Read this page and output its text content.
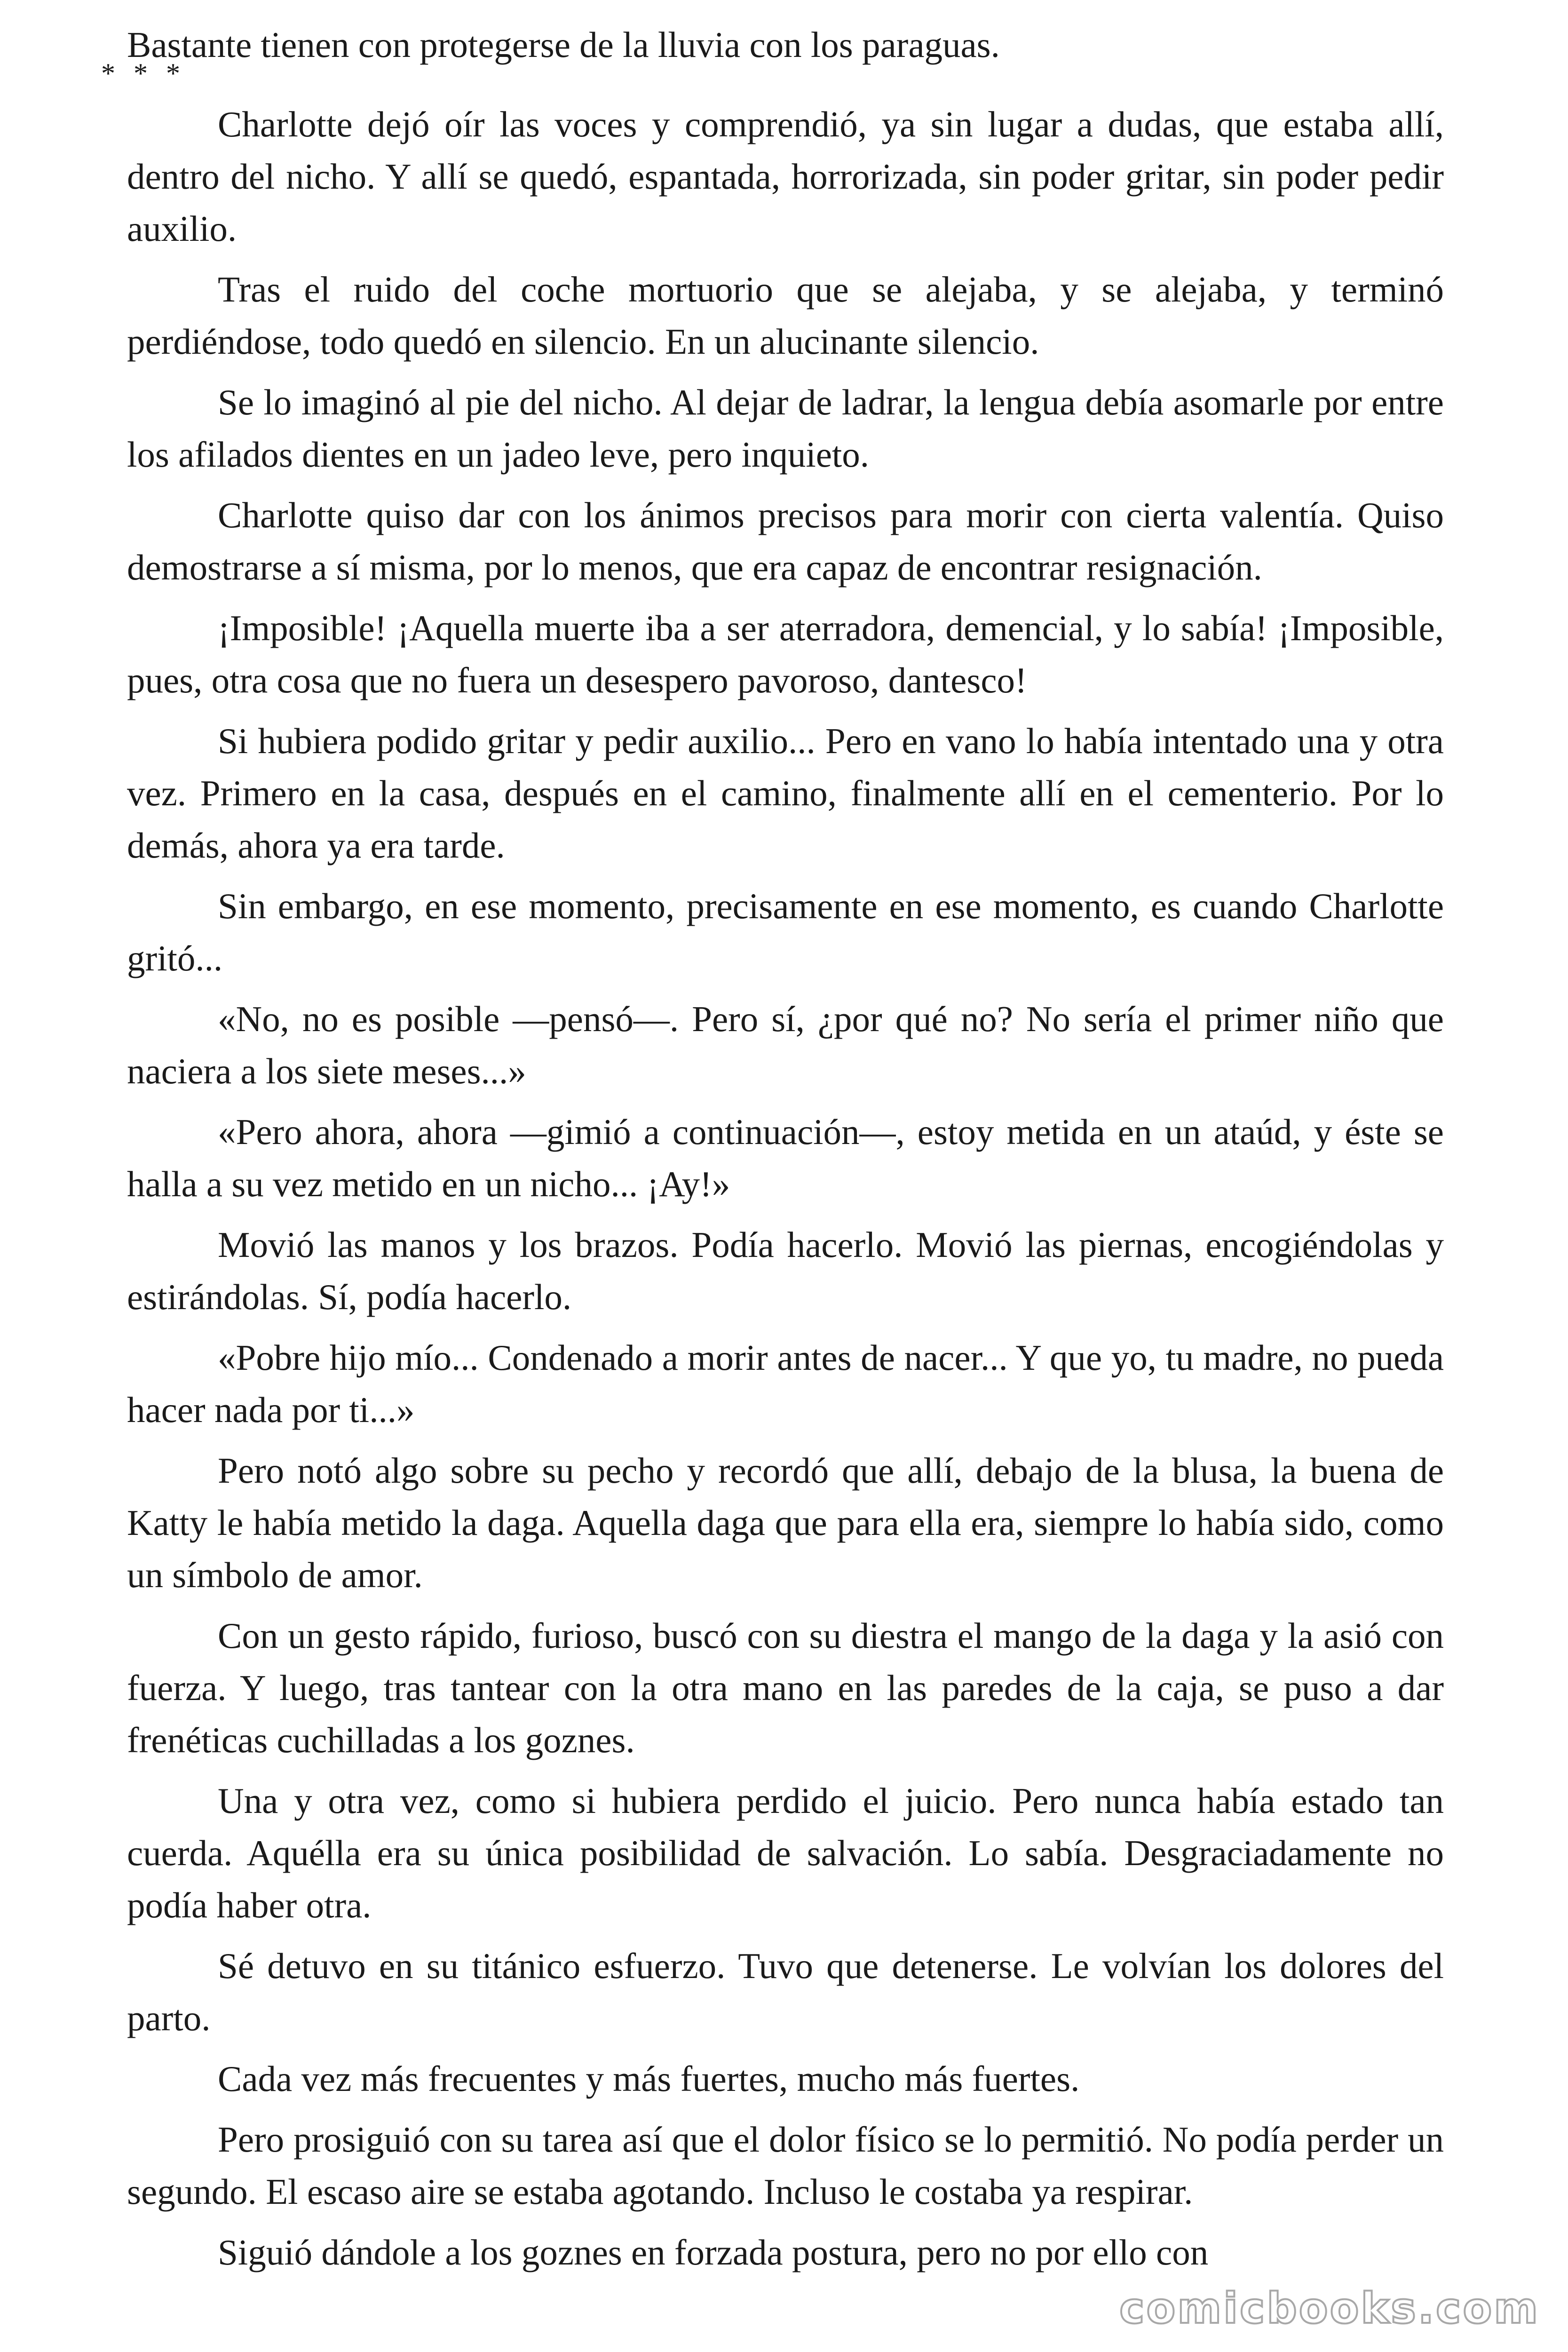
Bastante tienen con protegerse de la lluvia con los paraguas.

* * *

Charlotte dejó oír las voces y comprendió, ya sin lugar a dudas, que estaba allí, dentro del nicho. Y allí se quedó, espantada, horrorizada, sin poder gritar, sin poder pedir auxilio.

Tras el ruido del coche mortuorio que se alejaba, y se alejaba, y terminó perdiéndose, todo quedó en silencio. En un alucinante silencio.

Se lo imaginó al pie del nicho. Al dejar de ladrar, la lengua debía asomarle por entre los afilados dientes en un jadeo leve, pero inquieto.

Charlotte quiso dar con los ánimos precisos para morir con cierta valentía. Quiso demostrarse a sí misma, por lo menos, que era capaz de encontrar resignación.

¡Imposible! ¡Aquella muerte iba a ser aterradora, demencial, y lo sabía! ¡Imposible, pues, otra cosa que no fuera un desespero pavoroso, dantesco!

Si hubiera podido gritar y pedir auxilio... Pero en vano lo había intentado una y otra vez. Primero en la casa, después en el camino, finalmente allí en el cementerio. Por lo demás, ahora ya era tarde.

Sin embargo, en ese momento, precisamente en ese momento, es cuando Charlotte gritó...

«No, no es posible —pensó—. Pero sí, ¿por qué no? No sería el primer niño que naciera a los siete meses...»

«Pero ahora, ahora —gimió a continuación—, estoy metida en un ataúd, y éste se halla a su vez metido en un nicho... ¡Ay!»

Movió las manos y los brazos. Podía hacerlo. Movió las piernas, encogiéndolas y estirándolas. Sí, podía hacerlo.

«Pobre hijo mío... Condenado a morir antes de nacer... Y que yo, tu madre, no pueda hacer nada por ti...»

Pero notó algo sobre su pecho y recordó que allí, debajo de la blusa, la buena de Katty le había metido la daga. Aquella daga que para ella era, siempre lo había sido, como un símbolo de amor.

Con un gesto rápido, furioso, buscó con su diestra el mango de la daga y la asió con fuerza. Y luego, tras tantear con la otra mano en las paredes de la caja, se puso a dar frenéticas cuchilladas a los goznes.

Una y otra vez, como si hubiera perdido el juicio. Pero nunca había estado tan cuerda. Aquélla era su única posibilidad de salvación. Lo sabía. Desgraciadamente no podía haber otra.

Sé detuvo en su titánico esfuerzo. Tuvo que detenerse. Le volvían los dolores del parto.

Cada vez más frecuentes y más fuertes, mucho más fuertes.

Pero prosiguió con su tarea así que el dolor físico se lo permitió. No podía perder un segundo. El escaso aire se estaba agotando. Incluso le costaba ya respirar.

Siguió dándole a los goznes en forzada postura, pero no por ello con

comicbooks.com
